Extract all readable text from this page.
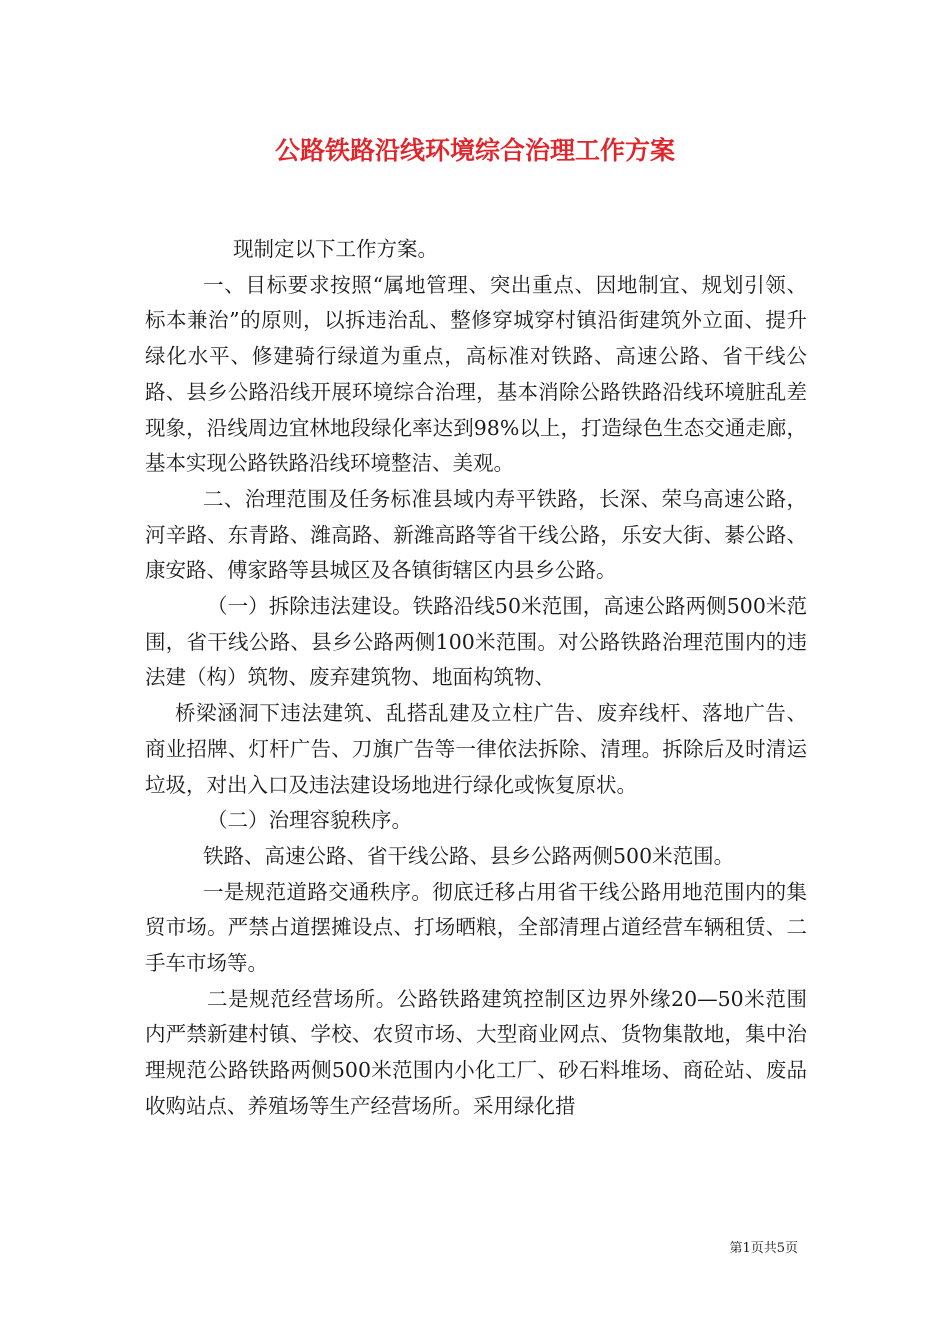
公路铁路沿线环境综合治理工作方案

现制定以下工作方案。

一、目标要求按照“属地管理、突出重点、因地制宜、规划引领、标本兼治”的原则，以拆违治乱、整修穿城穿村镇沿街建筑外立面、提升绿化水平、修建骑行绿道为重点，高标准对铁路、高速公路、省干线公路、县乡公路沿线开展环境综合治理，基本消除公路铁路沿线环境脏乱差现象，沿线周边宜林地段绿化率达到98%以上，打造绿色生态交通走廊，基本实现公路铁路沿线环境整洁、美观。

二、治理范围及任务标准县域内寿平铁路，长深、荣乌高速公路，河辛路、东青路、潍高路、新潍高路等省干线公路，乐安大街、綦公路、康安路、傅家路等县城区及各镇街辖区内县乡公路。

（一）拆除违法建设。铁路沿线50米范围，高速公路两侧500米范围，省干线公路、县乡公路两侧100米范围。对公路铁路治理范围内的违法建（构）筑物、废弃建筑物、地面构筑物、

桥梁涵洞下违法建筑、乱搭乱建及立柱广告、废弃线杆、落地广告、商业招牌、灯杆广告、刀旗广告等一律依法拆除、清理。拆除后及时清运垃圾，对出入口及违法建设场地进行绿化或恢复原状。

（二）治理容貌秩序。

铁路、高速公路、省干线公路、县乡公路两侧500米范围。

一是规范道路交通秩序。彻底迁移占用省干线公路用地范围内的集贸市场。严禁占道摆摊设点、打场晒粮，全部清理占道经营车辆租赁、二手车市场等。

二是规范经营场所。公路铁路建筑控制区边界外缘20—50米范围内严禁新建村镇、学校、农贸市场、大型商业网点、货物集散地，集中治理规范公路铁路两侧500米范围内小化工厂、砂石料堆场、商砼站、废品收购站点、养殖场等生产经营场所。采用绿化措

第1页共5页
